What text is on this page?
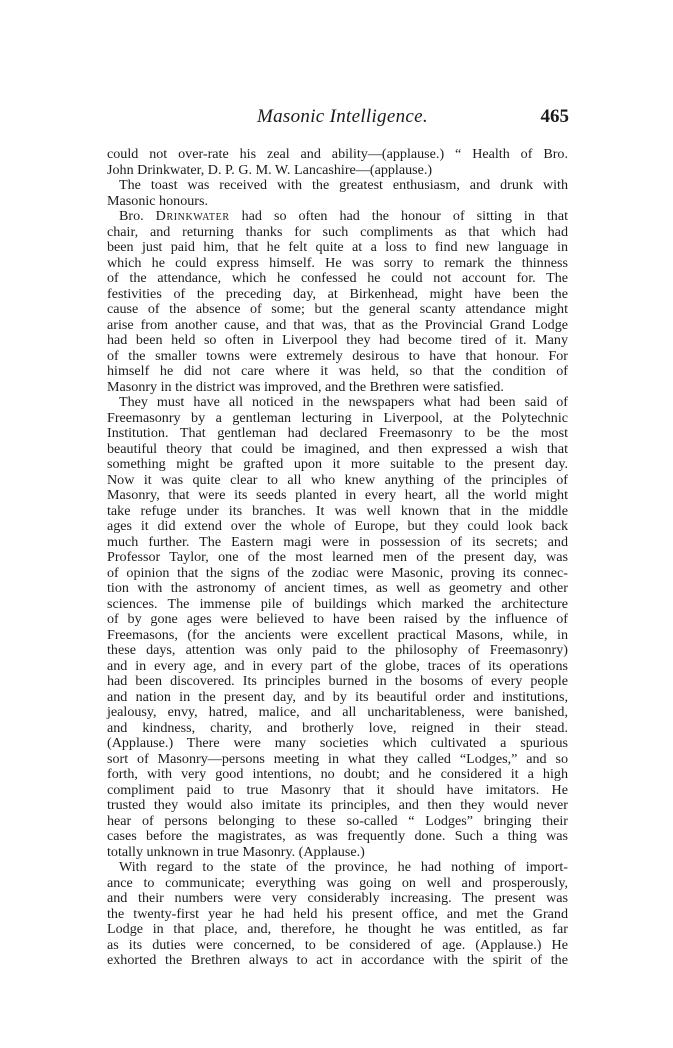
Masonic Intelligence.	465
could not over-rate his zeal and ability—(applause.) “ Health of Bro.
John Drinkwater, D. P. G. M. W. Lancashire—(applause.)
The toast was received with the greatest enthusiasm, and drunk with
Masonic honours.
Bro. Drinkwater had so often had the honour of sitting in that
chair, and returning thanks for such compliments as that which had
been just paid him, that he felt quite at a loss to find new language in
which he could express himself. He was sorry to remark the thinness
of the attendance, which he confessed he could not account for. The
festivities of the preceding day, at Birkenhead, might have been the
cause of the absence of some; but the general scanty attendance might
arise from another cause, and that was, that as the Provincial Grand Lodge
had been held so often in Liverpool they had become tired of it. Many
of the smaller towns were extremely desirous to have that honour. For
himself he did not care where it was held, so that the condition of
Masonry in the district was improved, and the Brethren were satisfied.
They must have all noticed in the newspapers what had been said of
Freemasonry by a gentleman lecturing in Liverpool, at the Polytechnic
Institution. That gentleman had declared Freemasonry to be the most
beautiful theory that could be imagined, and then expressed a wish that
something might be grafted upon it more suitable to the present day.
Now it was quite clear to all who knew anything of the principles of
Masonry, that were its seeds planted in every heart, all the world might
take refuge under its branches. It was well known that in the middle
ages it did extend over the whole of Europe, but they could look back
much further. The Eastern magi were in possession of its secrets; and
Professor Taylor, one of the most learned men of the present day, was
of opinion that the signs of the zodiac were Masonic, proving its connec-
tion with the astronomy of ancient times, as well as geometry and other
sciences. The immense pile of buildings which marked the architecture
of by gone ages were believed to have been raised by the influence of
Freemasons, (for the ancients were excellent practical Masons, while, in
these days, attention was only paid to the philosophy of Freemasonry)
and in every age, and in every part of the globe, traces of its operations
had been discovered. Its principles burned in the bosoms of every people
and nation in the present day, and by its beautiful order and institutions,
jealousy, envy, hatred, malice, and all uncharitableness, were banished,
and kindness, charity, and brotherly love, reigned in their stead.
(Applause.) There were many societies which cultivated a spurious
sort of Masonry—persons meeting in what they called “Lodges,” and so
forth, with very good intentions, no doubt; and he considered it a high
compliment paid to true Masonry that it should have imitators. He
trusted they would also imitate its principles, and then they would never
hear of persons belonging to these so-called “ Lodges” bringing their
cases before the magistrates, as was frequently done. Such a thing was
totally unknown in true Masonry. (Applause.)
With regard to the state of the province, he had nothing of import-
ance to communicate; everything was going on well and prosperously,
and their numbers were very considerably increasing. The present was
the twenty-first year he had held his present office, and met the Grand
Lodge in that place, and, therefore, he thought he was entitled, as far
as its duties were concerned, to be considered of age. (Applause.) He
exhorted the Brethren always to act in accordance with the spirit of the
